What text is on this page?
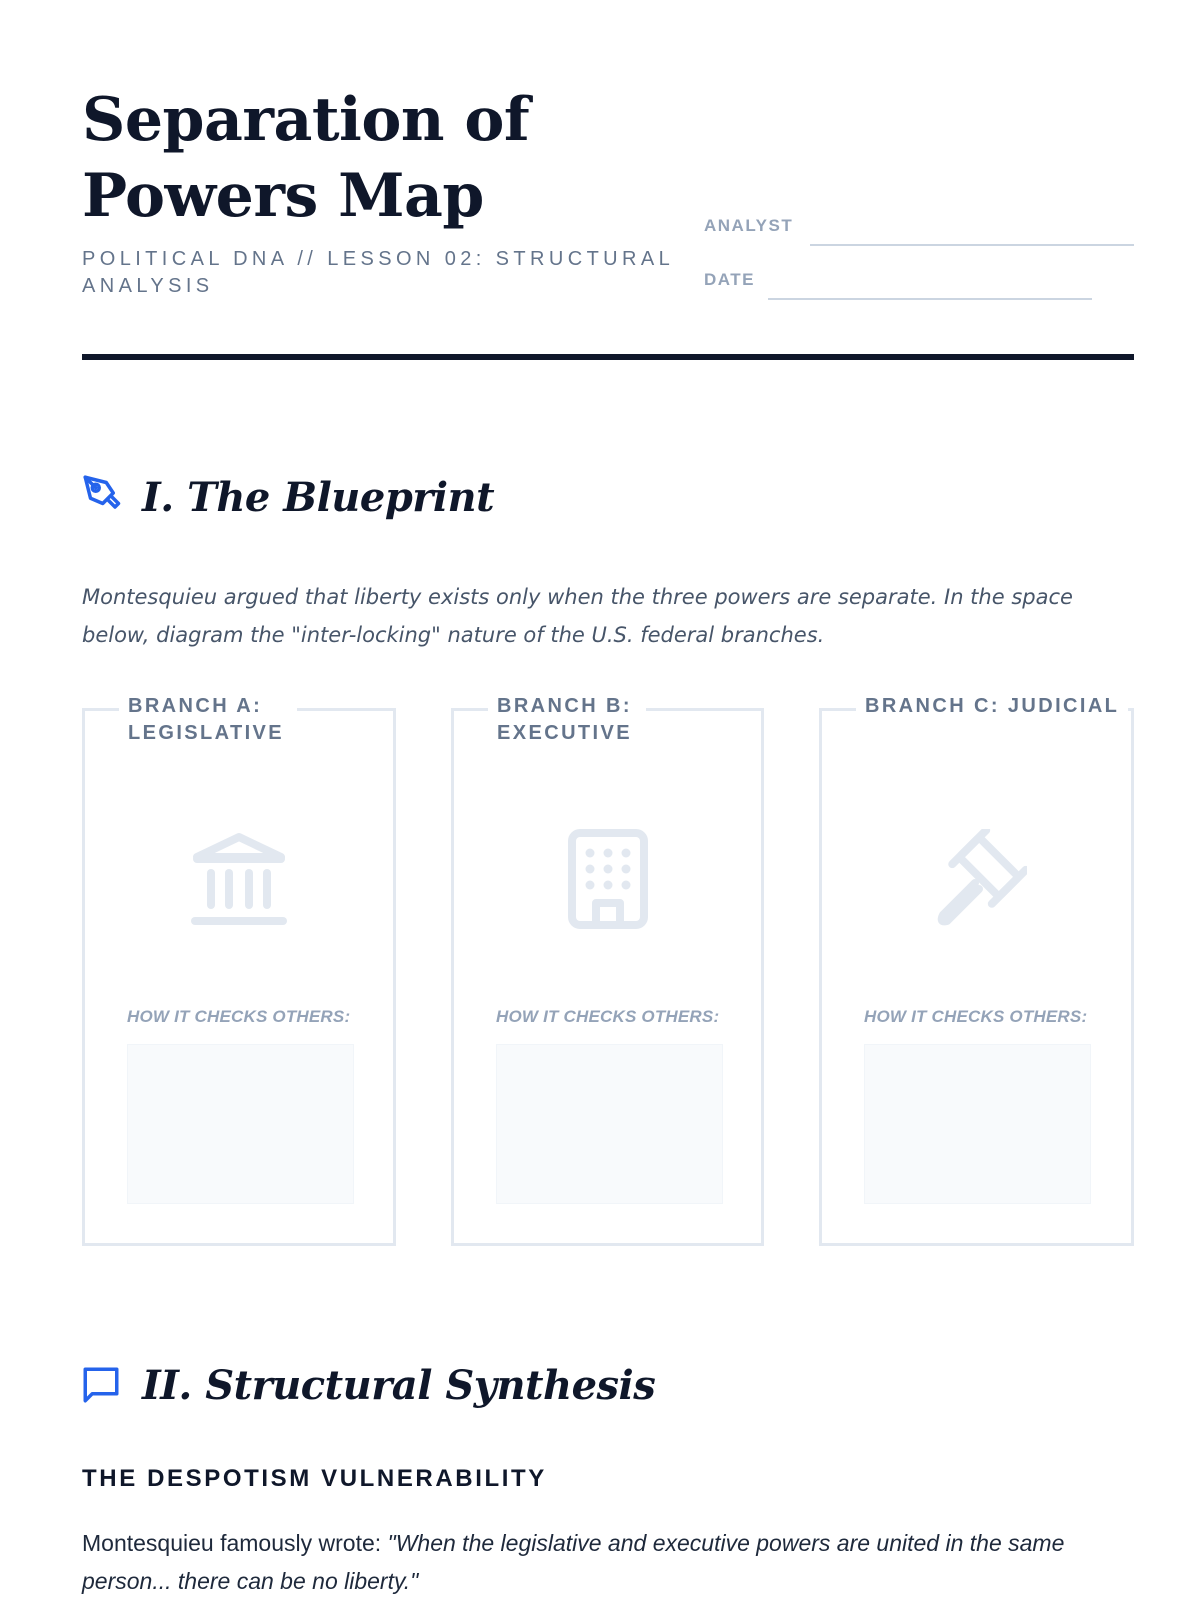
Separation of Powers Map
POLITICAL DNA // LESSON 02: STRUCTURAL ANALYSIS
ANALYST
DATE
I. The Blueprint

Montesquieu argued that liberty exists only when the three powers are separate. In the space below, diagram the "inter-locking" nature of the U.S. federal branches.

BRANCH A: LEGISLATIVE
HOW IT CHECKS OTHERS:
BRANCH B: EXECUTIVE
HOW IT CHECKS OTHERS:
BRANCH C: JUDICIAL
HOW IT CHECKS OTHERS:
II. Structural Synthesis
THE DESPOTISM VULNERABILITY

Montesquieu famously wrote: "When the legislative and executive powers are united in the same person... there can be no liberty."
